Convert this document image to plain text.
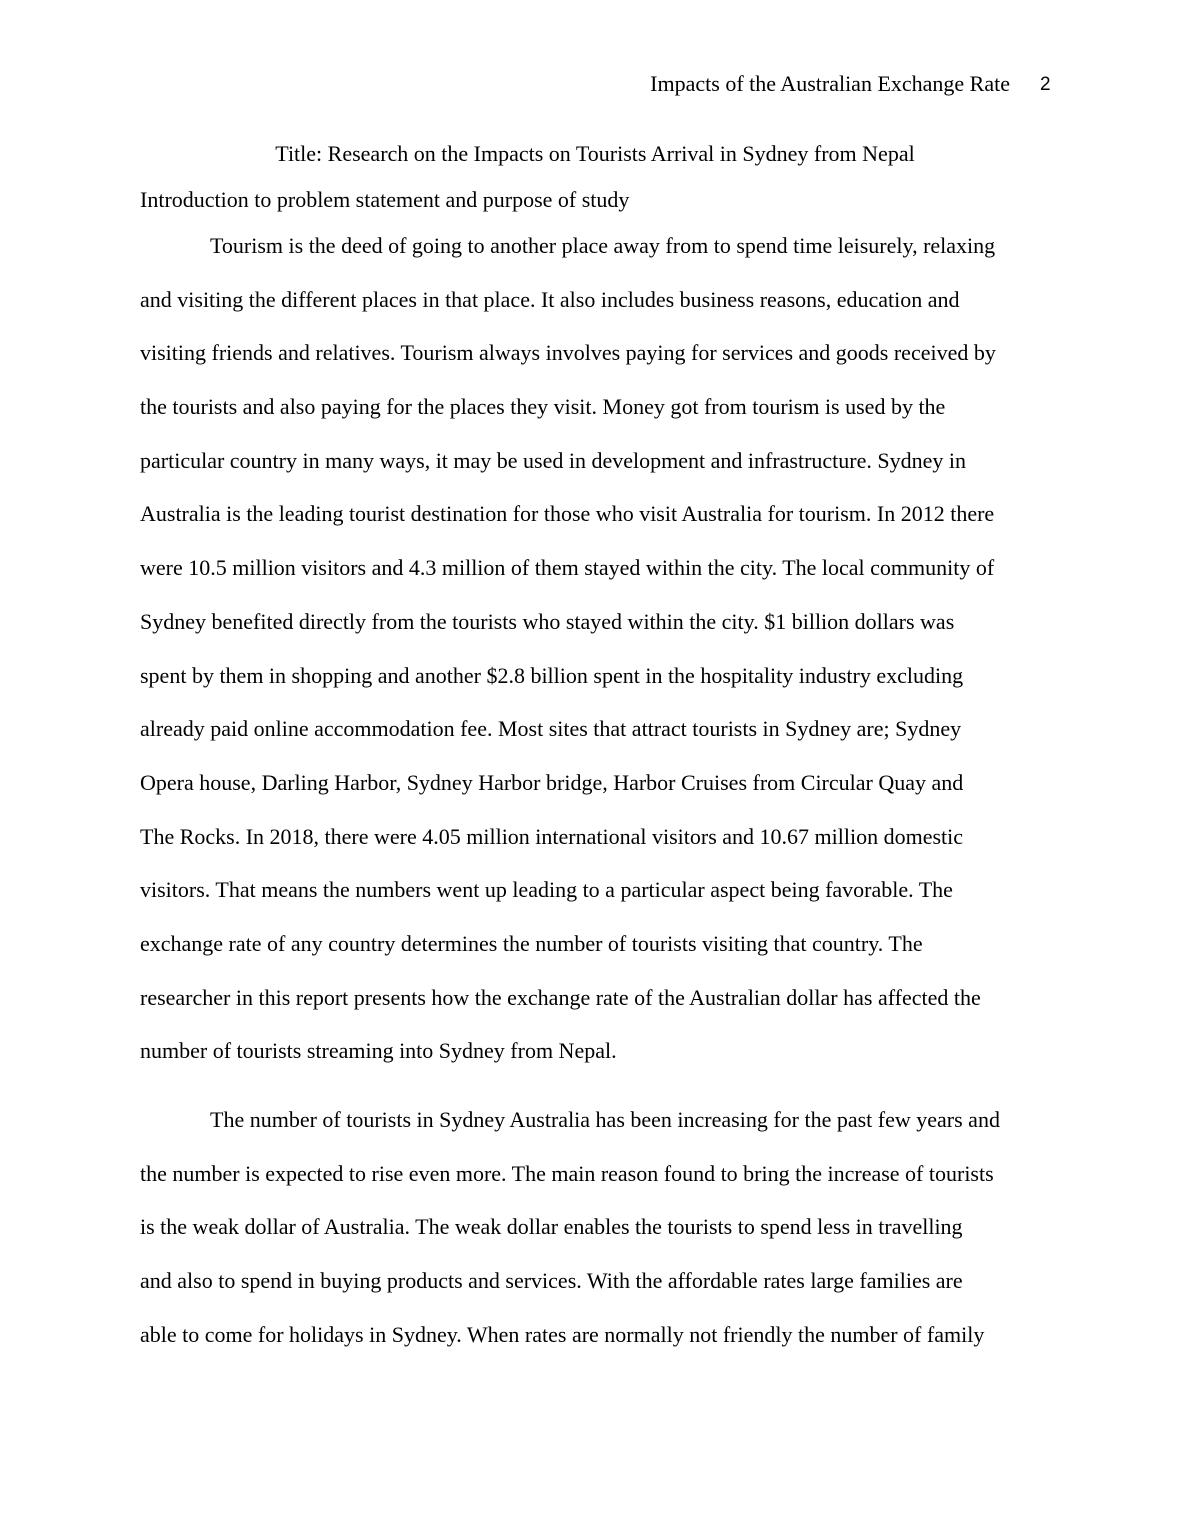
Impacts of the Australian Exchange Rate 2
Title: Research on the Impacts on Tourists Arrival in Sydney from Nepal
Introduction to problem statement and purpose of study
Tourism is the deed of going to another place away from to spend time leisurely, relaxing
and visiting the different places in that place. It also includes business reasons, education and
visiting friends and relatives. Tourism always involves paying for services and goods received by
the tourists and also paying for the places they visit. Money got from tourism is used by the
particular country in many ways, it may be used in development and infrastructure. Sydney in
Australia is the leading tourist destination for those who visit Australia for tourism. In 2012 there
were 10.5 million visitors and 4.3 million of them stayed within the city. The local community of
Sydney benefited directly from the tourists who stayed within the city. $1 billion dollars was
spent by them in shopping and another $2.8 billion spent in the hospitality industry excluding
already paid online accommodation fee. Most sites that attract tourists in Sydney are; Sydney
Opera house, Darling Harbor, Sydney Harbor bridge, Harbor Cruises from Circular Quay and
The Rocks. In 2018, there were 4.05 million international visitors and 10.67 million domestic
visitors. That means the numbers went up leading to a particular aspect being favorable. The
exchange rate of any country determines the number of tourists visiting that country. The
researcher in this report presents how the exchange rate of the Australian dollar has affected the
number of tourists streaming into Sydney from Nepal.
The number of tourists in Sydney Australia has been increasing for the past few years and
the number is expected to rise even more. The main reason found to bring the increase of tourists
is the weak dollar of Australia. The weak dollar enables the tourists to spend less in travelling
and also to spend in buying products and services. With the affordable rates large families are
able to come for holidays in Sydney. When rates are normally not friendly the number of family
